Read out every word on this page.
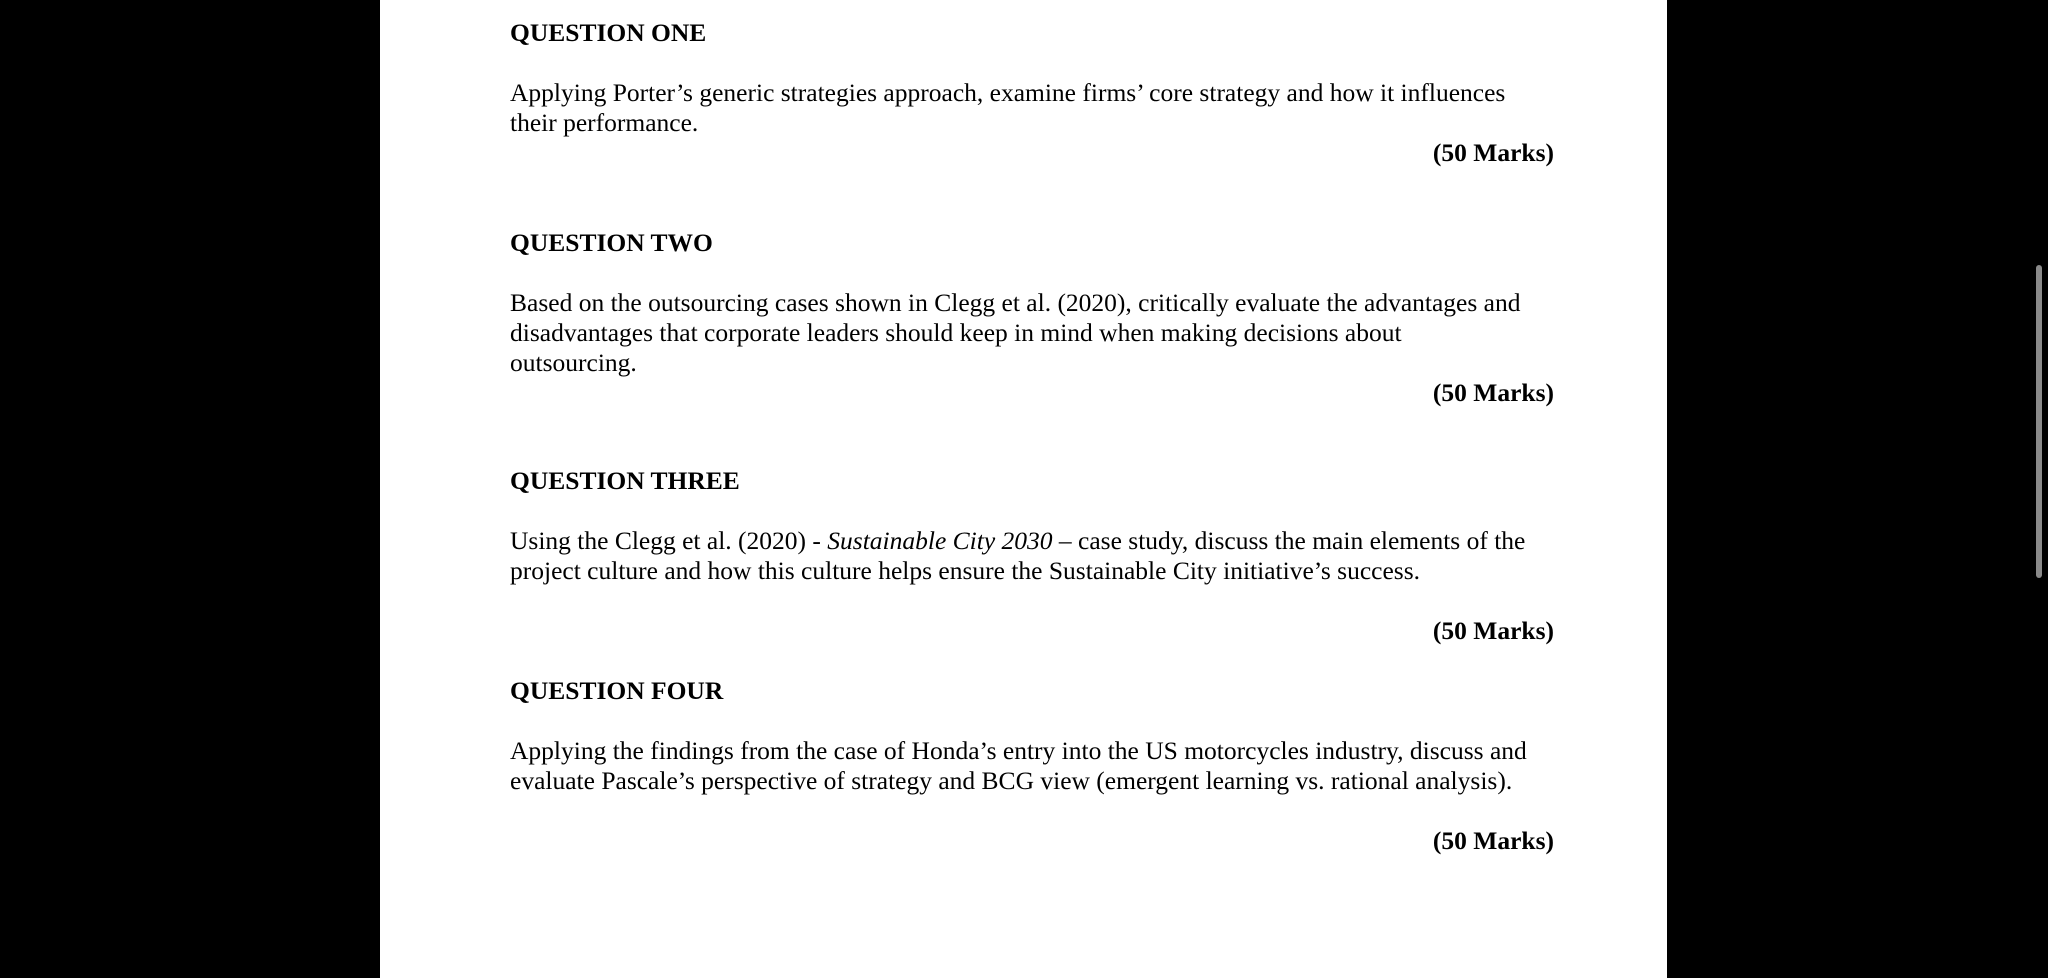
QUESTION ONE
Applying Porter’s generic strategies approach, examine firms’ core strategy and how it influences
their performance.
(50 Marks)
QUESTION TWO
Based on the outsourcing cases shown in Clegg et al. (2020), critically evaluate the advantages and
disadvantages that corporate leaders should keep in mind when making decisions about
outsourcing.
(50 Marks)
QUESTION THREE
Using the Clegg et al. (2020) - Sustainable City 2030 – case study, discuss the main elements of the
project culture and how this culture helps ensure the Sustainable City initiative’s success.
(50 Marks)
QUESTION FOUR
Applying the findings from the case of Honda’s entry into the US motorcycles industry, discuss and
evaluate Pascale’s perspective of strategy and BCG view (emergent learning vs. rational analysis).
(50 Marks)
